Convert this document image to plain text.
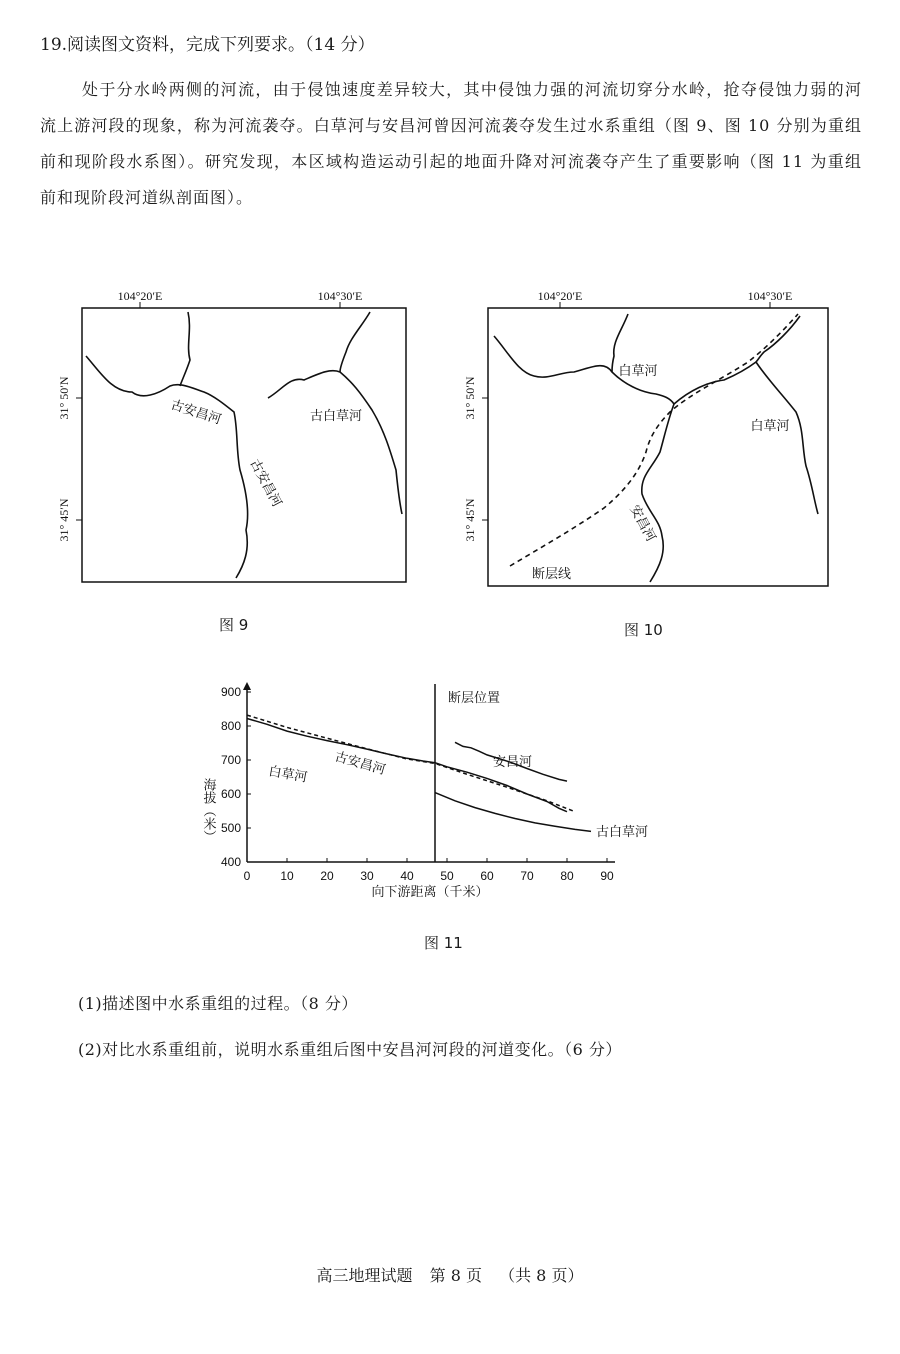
19.阅读图文资料，完成下列要求。（14 分）
处于分水岭两侧的河流，由于侵蚀速度差异较大，其中侵蚀力强的河流切穿分水岭，抢夺侵蚀力弱的河流上游河段的现象，称为河流袭夺。白草河与安昌河曾因河流袭夺发生过水系重组（图 9、图 10 分别为重组前和现阶段水系图）。研究发现，本区域构造运动引起的地面升降对河流袭夺产生了重要影响（图 11 为重组前和现阶段河道纵剖面图）。
104°20′E	104°30′E
31° 50′N
31° 45′N
古安昌河	古白草河
古安昌河
104°20′E	104°30′E
31° 50′N
31° 45′N
白草河
白草河
安昌河
断层线
图 9	图 10
0 10 20 30 40 50 60 70 80 90
400
500
600
700
800
900	断层位置
古安昌河
白草河
安昌河
古白草河
海拔（米）
向下游距离（千米）
图 11
(1)描述图中水系重组的过程。（8 分）
(2)对比水系重组前，说明水系重组后图中安昌河河段的河道变化。（6 分）
高三地理试题 第 8 页 （共 8 页）
